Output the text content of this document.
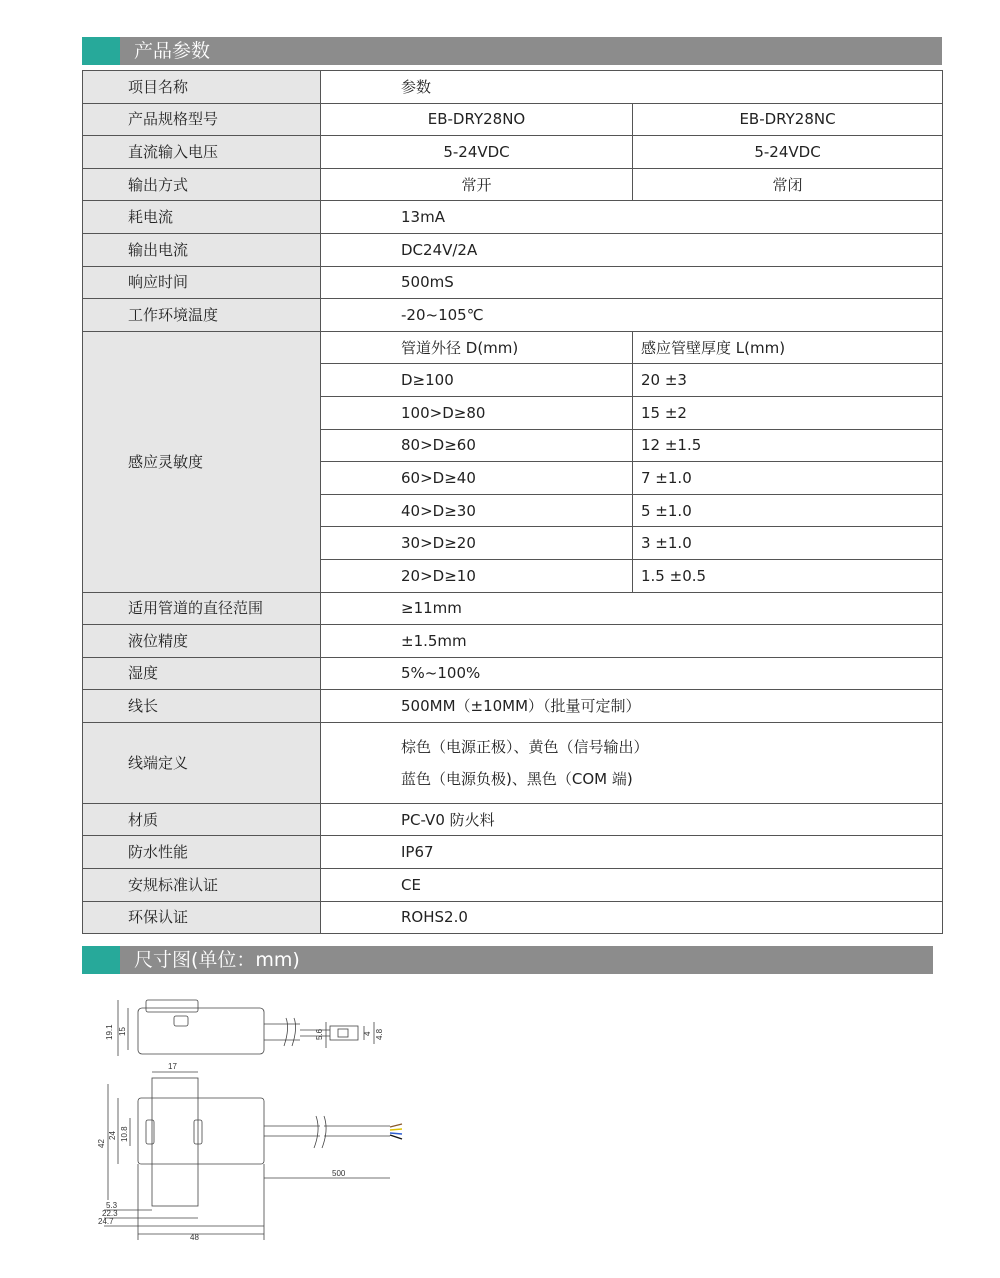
产品参数
项目名称	参数	
产品规格型号	EB-DRY28NO	EB-DRY28NC
直流输入电压	5-24VDC	5-24VDC
输出方式	常开	常闭
耗电流	13mA	
输出电流	DC24V/2A	
响应时间	500mS	
工作环境温度	-20~105℃	
感应灵敏度	管道外径 D(mm)	感应管壁厚度 L(mm)
	D≥100	20 ±3
	100>D≥80	15 ±2
	80>D≥60	12 ±1.5
	60>D≥40	7 ±1.0
	40>D≥30	5 ±1.0
	30>D≥20	3 ±1.0
	20>D≥10	1.5 ±0.5
适用管道的直径范围	≥11mm	
液位精度	±1.5mm	
湿度	5%~100%	
线长	500MM（±10MM）（批量可定制）	
线端定义	棕色（电源正极）、黄色（信号输出）
蓝色（电源负极)、黑色（COM 端)	

材质	PC-V0 防火料	
防水性能	IP67	
安规标准认证	CE	
环保认证	ROHS2.0	
尺寸图(单位：mm)
19.1 15	5.6	4 4.8
17
42
24 10.8
500
5.3
22.3
24.7
48
